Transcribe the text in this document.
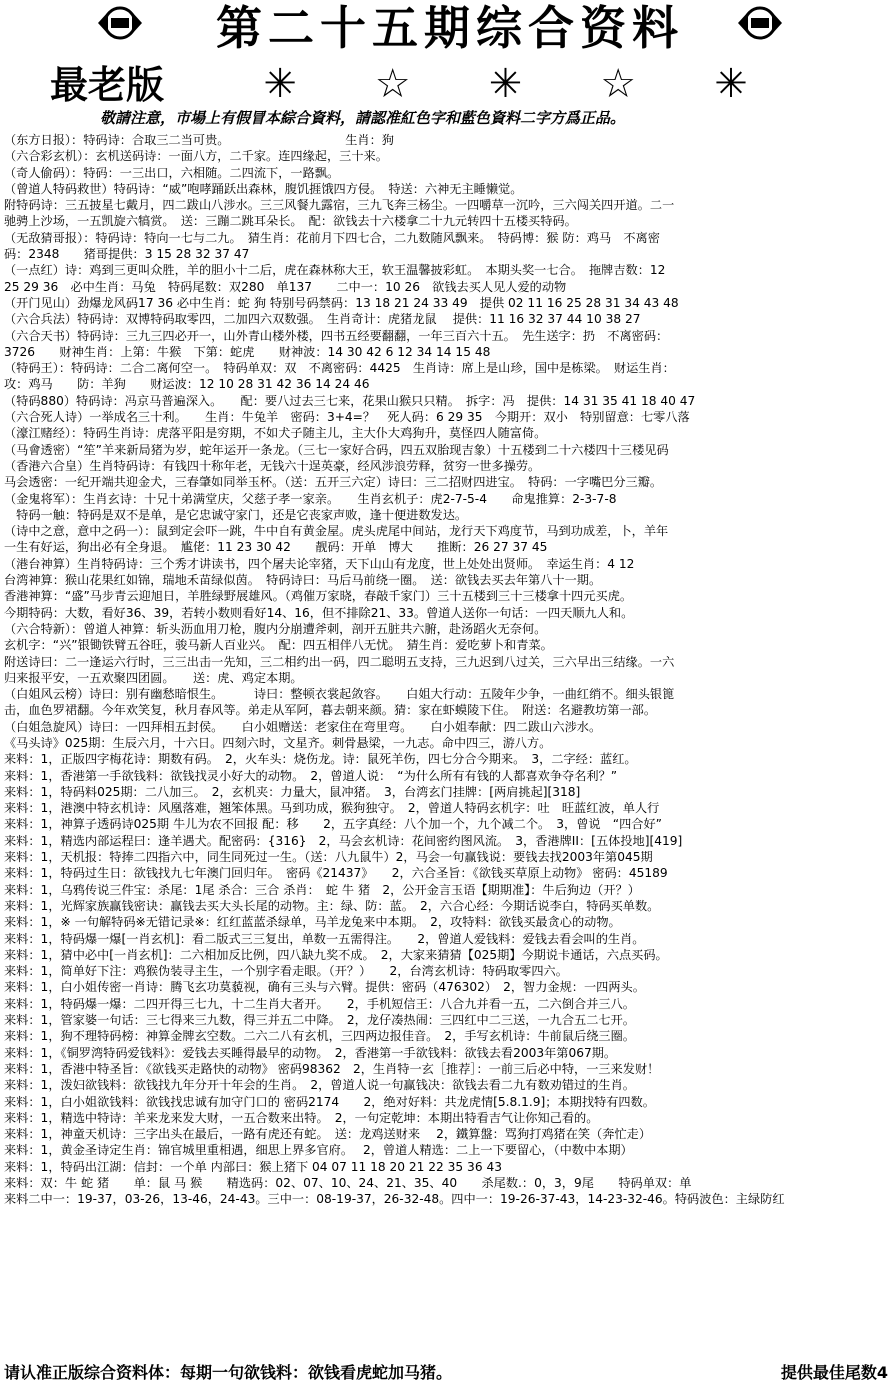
第二十五期综合资料
最老版	✳ ☆ ✳ ☆ ✳
敬請注意，市場上有假冒本綜合資料，請認准紅色字和藍色資料二字方爲正品。

（东方日报）：特码诗：合取三二当可贵。　　　　　　　　　　生肖：狗

（六合彩玄机）：玄机送码诗：一面八方，二千家。连四缘起，三十来。

（奇人偷码）：特码：一三出口，六相随。二四流下，一路飘。

（曾道人特码救世）特码诗：“威”咆哮踊跃出森林，腹饥捱饿四方侵。　特送：六神无主睡懒觉。

附特码诗：三五披星七戴月，四二跋山八涉水。三三风餐九露宿，三九飞奔三杨尘。一四嚼草一沉吟，三六闯关四开道。二一

驰骋上沙场，一五凯旋六犒赏。　送：三蹦二跳耳朵长。　配：欲钱去十六楼拿二十九元转四十五楼买特码。

（无敌猜哥报）：特码诗：特向一七与二九。　猜生肖：花前月下四七合，二九数随风飘来。　特码博：猴 防：鸡马　不离密

码：2348　　猪哥提供：3 15 28 32 37 47

（一点红）诗：鸡到三更叫众胜，羊的胆小十二后，虎在森林称大王，软王温馨披彩虹。　本期头奖一七合。　拖牌吉数：12

25 29 36　必中生肖：马兔　特码尾数：双280　单137　　二中一：10 26　欲钱去买人见人爱的动物

（开门见山）劲爆龙风码17 36 必中生肖：蛇 狗 特别号码禁码：13 18 21 24 33 49　提供 02 11 16 25 28 31 34 43 48

（六合兵法）特码诗：双博特码取零四，二加四六双数强。　生肖奇计：虎猪龙鼠　 提供：11 16 32 37 44 10 38 27

（六合天书）特码诗：三九三四必开一，山外青山楼外楼，四书五经要翻翻，一年三百六十五。　先生送字：扔　不离密码：

3726　　财神生肖：上第：牛猴　下第：蛇虎　　财神波：14 30 42 6 12 34 14 15 48

（特码王）：特码诗：二合二离何空一。　特码单双：双　不离密码：4425　生肖诗：席上是山珍，国中是栋梁。　财运生肖：

攻：鸡马　　防：羊狗　　财运波：12 10 28 31 42 36 14 24 46

（特码880）特码诗：冯京马普遍深入。　　配：要八过去三七来，花果山猴只只精。　拆字：冯　提供：14 31 35 41 18 40 47

（六合死人诗）一举成名三十利。　　生肖：牛兔羊　密码：3+4=？　死人码：6 29 35　今期开：双小　特别留意：七零八落

（濠江赌经）：特码生肖诗：虎落平阳是穷期，不如犬子随主儿，主大仆大鸡狗升，莫怪四人随富倚。

（马會透密）“笙”羊来新局猪为岁，蛇年运开一条龙。（三七一家好合码，四五双胎现吉象）十五楼到二十六楼四十三楼见码

（香港六合皇）生肖特码诗：有钱四十称年老，无钱六十逞英豪，经风涉浪劳释，贫穷一世多操劳。

马会透密：一纪开端共迎金犬，三春肇如同举玉杯。（送：五开三六定）诗曰：三二招财四进宝。　特码：一字嘴巴分三瓣。

（金鬼将军）：生肖玄诗：十兄十弟满堂庆，父慈子孝一家亲。　　生肖玄机子：虎2-7-5-4　　命鬼推算：2-3-7-8

　特码一触：特码是双不是单，是它忠诚守家门，还是它丧家声败，逢十便进数发达。

（诗中之意，意中之码一）：鼠到定会吓一跳，牛中自有黄金屋。虎头虎尾中间站，龙行天下鸡度节，马到功成差，卜，羊年

一生有好运，狗出必有全身退。　尴佬：11 23 30 42　　靓码：开单　博大　　推断：26 27 37 45

（港台神算）生肖特码诗：三个秀才讲读书，四个屠夫论宰猪，天下山山有龙度，世上处处出贤师。　幸运生肖：4 12

台湾神算：猴山花果红如锦，瑞地禾苗绿似茵。　特码诗曰：马后马前绕一圈。　送：欲钱去买去年第八十一期。

香港神算：“盛”马步青云迎旭日，羊胜绿野展雄风。（鸡催万家晓，春敲千家门）三十五楼到三十三楼拿十四元买虎。

今期特码：大数，看好36、39，若转小数则看好14、16，但不排除21、33。曾道人送你一句话：一四天顺九人和。

（六合特新）：曾道人神算：斩头沥血用刀枪，腹内分崩遭斧刺，剖开五脏共六腑，赴汤蹈火无奈何。

玄机字：“兴”银锄铁臂五谷旺，骏马新人百业兴。　配：四五相伴八无忧。　猜生肖：爱吃萝卜和青菜。

附送诗曰：二一逢运六行时，三三出击一先知，三二相约出一码，四二聪明五支持，三九迟到八过关，三六早出三结缘。一六

归来报平安，一五欢聚四团圆。　　送：虎、鸡定本期。

（白姐风云榜）诗曰：别有幽愁暗恨生。　　　诗曰：整顿衣裳起敛容。　　白姐大行动：五陵年少争，一曲红绡不。细头银篦

击，血色罗裙翻。今年欢笑复，秋月春风等。弟走从军阿，暮去朝来颜。猜：家在虾蟆陵下住。　附送：名避教坊第一部。

（白姐急旋风）诗曰：一四拜相五封侯。　　白小姐赠送：老家住在弯里弯。　　白小姐奉献：四二跋山六涉水。

《马头诗》025期：生辰六月，十六日。四刻六时，文星齐。刺骨悬梁，一九志。命中四三，游八方。

来料：1，正版四字梅花诗：期数有码。　2，火车头：烧伤龙。诗：鼠死羊伤，四七分合今期来。　3，二字经：蓝红。

来料：1，香港第一手欲钱料：欲钱找灵小好大的动物。　2，曾道人说：　“为什么所有有钱的人都喜欢争夺名利？”

来料：1，特码料025期：二八加三。　2，玄机夹：力量大，鼠冲猪。　3，台湾玄门挂牌：[两肩挑起][318]

来料：1，港澳中特玄机诗：风凰落难，翘笨体黑。马到功成，猴狗独守。　2，曾道人特码玄机字：吐　旺蓝红波，单人行

来料：1，神算子透码诗025期 牛儿为农不回报 配：移　　2，五字真经：八个加一个，九个减二个。　3，曾说　“四合好”

来料：1，精选内部运程曰：逢羊遇犬。配密码：{316}　2，马会玄机诗：花间密约图风流。　3，香港牌II：[五体投地][419]

来料：1，天机报：特捧二四指六中，同生同死过一生。（送：八九鼠牛）2，马会一句赢钱说：要钱去找2003年第045期

来料：1，特码过生日：欲钱找九七年澳门回归年。　密码《21437》　　2，六合圣旨：《欲钱买草原上动物》 密码：45189

来料：1，乌鸦传说三件宝：杀尾：1尾 杀合：三合 杀肖：　蛇 牛 猪　2，公开金言玉语【期期准】：牛后狗边（开？）

来料：1，光辉家族赢钱密诀：赢钱去买大头长尾的动物。主：绿、防：蓝。　2，六合心经：今期话说李白，特码买单数。

来料：1，※ 一句解特码※无错记录※：红红蓝蓝杀绿单，马羊龙兔来中本期。　2，攻特料：欲钱买最贪心的动物。

来料：1，特码爆一爆[一肖玄机]：看二版式三三复出，单数一五需得注。　　2，曾道人爱钱料：爱钱去看会叫的生肖。

来料：1，猜中必中[一肖玄机]：二六相加反比例，四八缺九奖不成。　2，大家来猜猜【025期】今期说卡通话，六点买码。

来料：1，简单好下注：鸡猴伪装寻主生，一个别字看走眼。（开？）　　2，台湾玄机诗：特码取零四六。

来料：1，白小姐传密一肖诗：腾飞玄功莫藐视，确有三头与六臂。提供：密码（476302）　2，智力金规：一四两头。

来料：1，特码爆一爆：二四开得三七九，十二生肖大者开。　　2，手机短信王：八合九并看一五，二六倒合并三八。

来料：1，管家婆一句话：三七得来三九数，得三并五二中降。　2，龙仔凑热闹：三四红中二三送，一九合五二七开。

来料：1，狗不理特码榜：神算金牌玄空数。二六二八有玄机，三四两边报佳音。　2，手写玄机诗：牛前鼠后绕三圈。

来料：1，《铜罗湾特码爱钱料》：爱钱去买睡得最早的动物。　2，香港第一手欲钱料：欲钱去看2003年第067期。

来料：1，香港中特圣旨：《欲钱买走路快的动物》 密码98362　2，生肖特一玄［推荐］：一前三后必中特，一三来发财！

来料：1，泼妇欲钱料：欲钱找九年分开十年会的生肖。　2，曾道人说一句赢钱决：欲钱去看二九有数劝错过的生肖。

来料：1，白小姐欲钱料：欲钱找忠诚有加守门口的 密码2174　　2，绝对好料：共龙虎情[5.8.1.9]；本期找特有四数。

来料：1，精选中特诗：羊来龙来发大财，一五合数来出特。　2，一句定乾坤：本期出特看吉气让你知己看的。

来料：1，神童天机诗：三字出头在最后，一路有虎还有蛇。　送：龙鸡送财来　 2，鐵算盤：骂狗打鸡猪在笑（奔忙走）

来料：1，黄金圣诗定生肖：锦官城里重相遇，细思上界多官府。　 2，曾道人精选：二上一下要留心，（中数中本期）

来料：1，特码出江湖：信封：一个单 内部曰：猴上猪下 04 07 11 18 20 21 22 35 36 43

来料：双：牛 蛇 猪　　单：鼠 马 猴　　精选码：02、07、10、24、21、35、40　　杀尾数.：0，3，9尾　　特码单双：单

来料二中一：19-37，03-26，13-46，24-43。三中一：08-19-37，26-32-48。四中一：19-26-37-43，14-23-32-46。特码波色：主绿防红

请认准正版综合资料体：每期一句欲钱料：欲钱看虎蛇加马猪。	提供最佳尾数4
